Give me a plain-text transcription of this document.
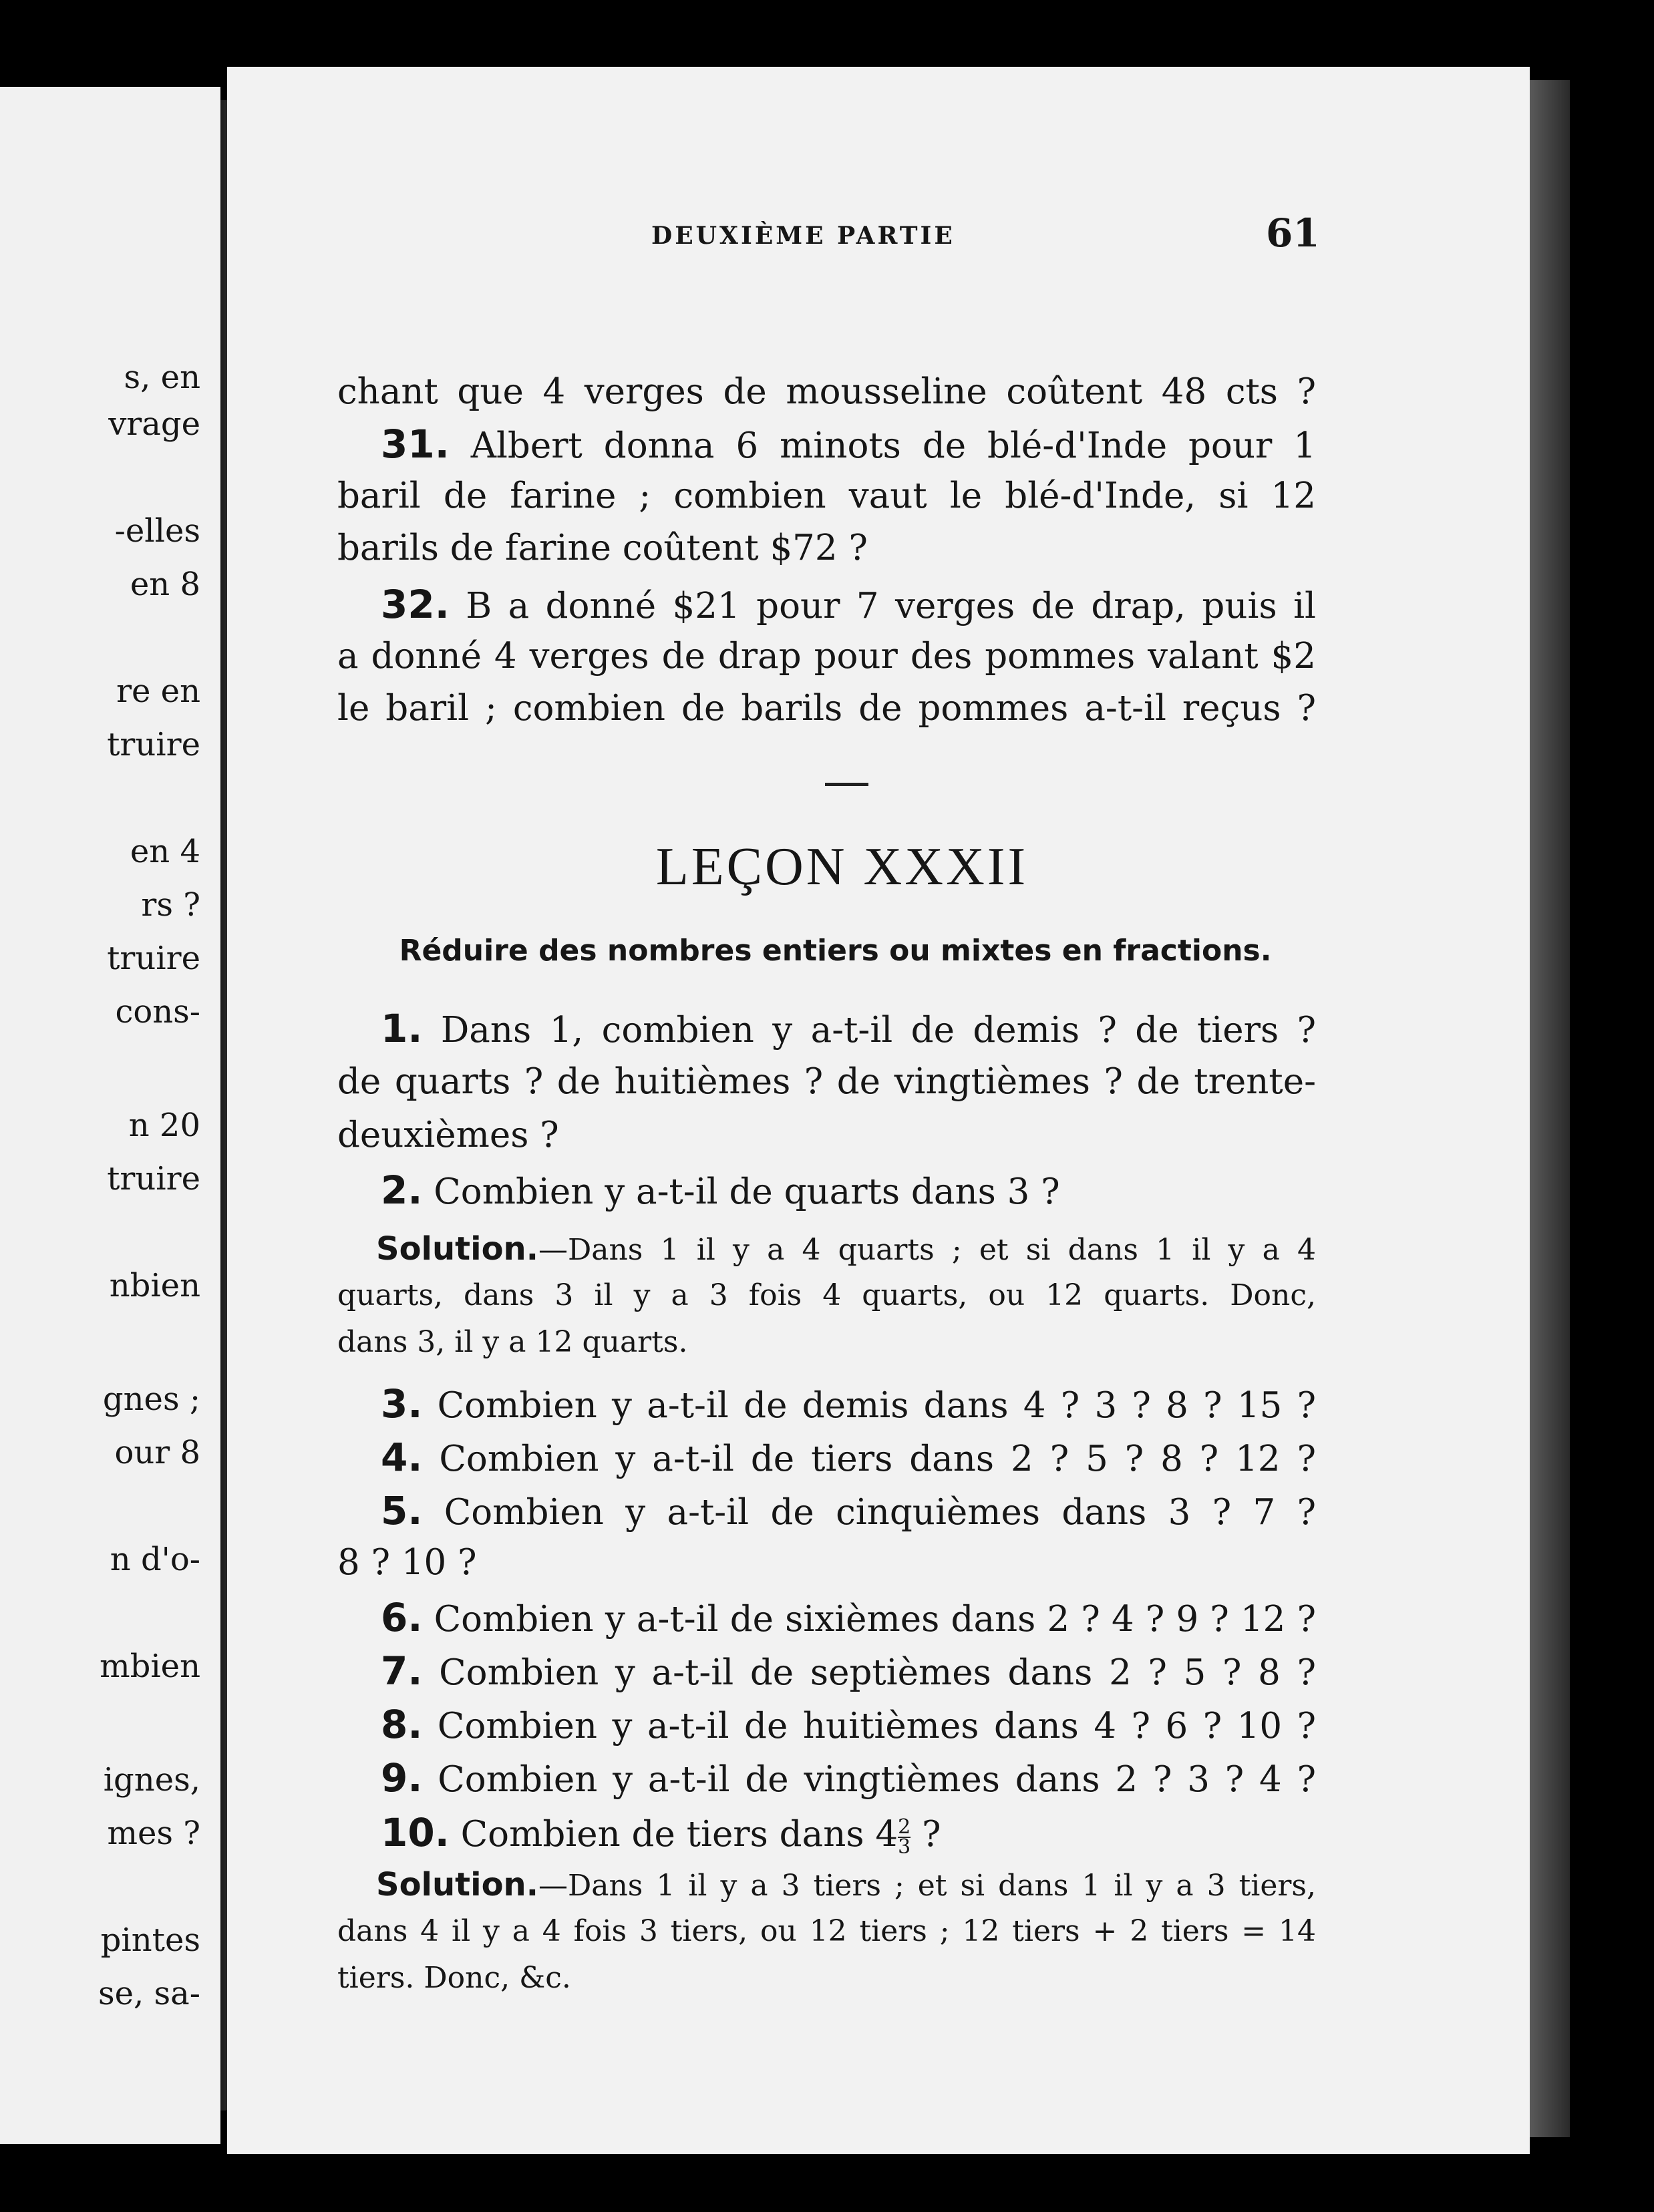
s, en
vrage
-elles
en 8
re en
truire
en 4
rs ?
truire
cons-
n 20
truire
nbien
gnes ;
our 8
n d'o-
mbien
ignes,
mes ?
pintes
se, sa-
DEUXIÈME PARTIE	61
chant que 4 verges de mousseline coûtent 48 cts ?
31. Albert donna 6 minots de blé-d'Inde pour 1
baril de farine ; combien vaut le blé-d'Inde, si 12
barils de farine coûtent $72 ?
32. B a donné $21 pour 7 verges de drap, puis il
a donné 4 verges de drap pour des pommes valant $2
le baril ; combien de barils de pommes a-t-il reçus ?
LEÇON XXXII
Réduire des nombres entiers ou mixtes en fractions.
1. Dans 1, combien y a-t-il de demis ? de tiers ?
de quarts ? de huitièmes ? de vingtièmes ? de trente-
deuxièmes ?
2. Combien y a-t-il de quarts dans 3 ?
Solution.—Dans 1 il y a 4 quarts ; et si dans 1 il y a 4
quarts, dans 3 il y a 3 fois 4 quarts, ou 12 quarts. Donc,
dans 3, il y a 12 quarts.
3. Combien y a-t-il de demis dans 4 ? 3 ? 8 ? 15 ?
4. Combien y a-t-il de tiers dans 2 ? 5 ? 8 ? 12 ?
5. Combien y a-t-il de cinquièmes dans 3 ? 7 ?
8 ? 10 ?
6. Combien y a-t-il de sixièmes dans 2 ? 4 ? 9 ? 12 ?
7. Combien y a-t-il de septièmes dans 2 ? 5 ? 8 ?
8. Combien y a-t-il de huitièmes dans 4 ? 6 ? 10 ?
9. Combien y a-t-il de vingtièmes dans 2 ? 3 ? 4 ?
10. Combien de tiers dans $4 \frac{2}{3}$ ?
Solution.—Dans 1 il y a 3 tiers ; et si dans 1 il y a 3 tiers,
dans 4 il y a 4 fois 3 tiers, ou 12 tiers ; 12 tiers + 2 tiers = 14
tiers. Donc, &c.
